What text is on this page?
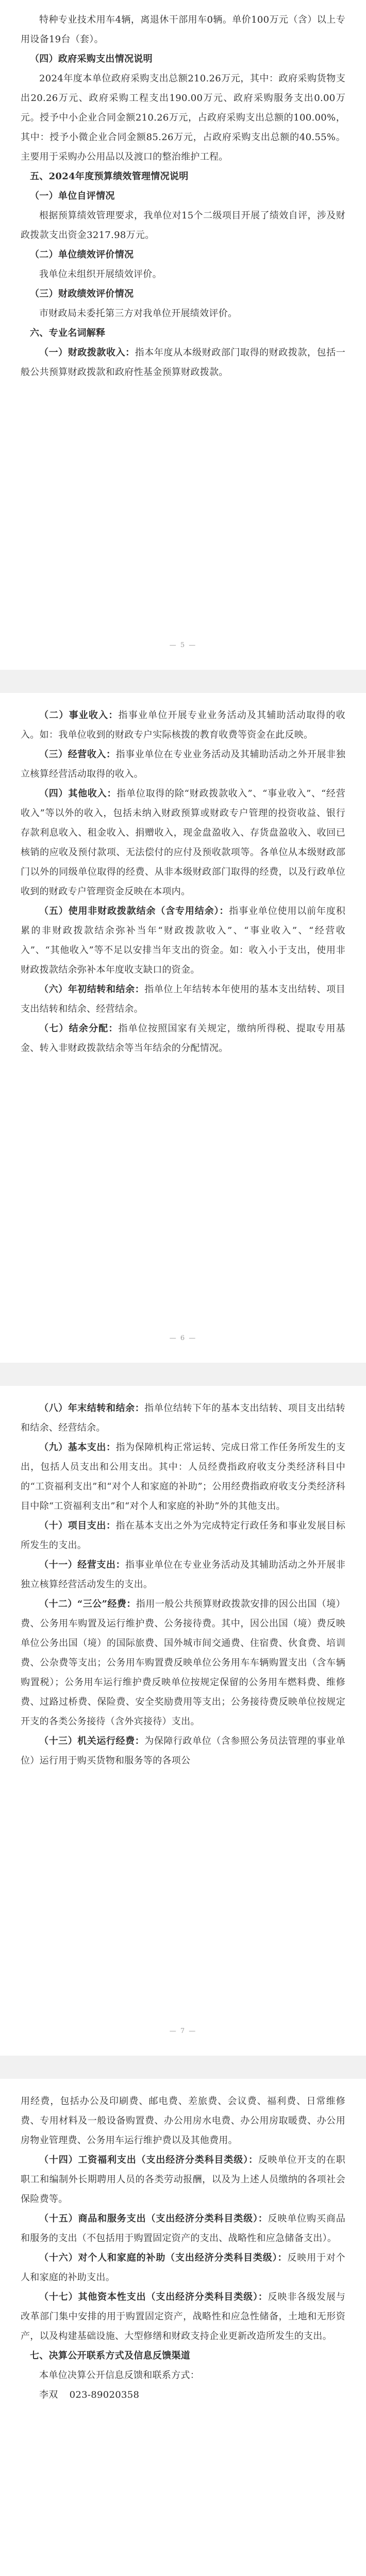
特种专业技术用车4辆，离退休干部用车0辆。单价100万元（含）以上专用设备19台（套）。

（四）政府采购支出情况说明

2024年度本单位政府采购支出总额210.26万元，其中：政府采购货物支出20.26万元、政府采购工程支出190.00万元、政府采购服务支出0.00万元。授予中小企业合同金额210.26万元，占政府采购支出总额的100.00%，其中：授予小微企业合同金额85.26万元，占政府采购支出总额的40.55%。主要用于采购办公用品以及渡口的整治维护工程。

五、2024年度预算绩效管理情况说明

（一）单位自评情况

根据预算绩效管理要求，我单位对15个二级项目开展了绩效自评，涉及财政拨款支出资金3217.98万元。

（二）单位绩效评价情况

我单位未组织开展绩效评价。

（三）财政绩效评价情况

市财政局未委托第三方对我单位开展绩效评价。

六、专业名词解释

（一）财政拨款收入：指本年度从本级财政部门取得的财政拨款，包括一般公共预算财政拨款和政府性基金预算财政拨款。

— 5 —

（二）事业收入：指事业单位开展专业业务活动及其辅助活动取得的收入。如：我单位收到的财政专户实际核拨的教育收费等资金在此反映。

（三）经营收入：指事业单位在专业业务活动及其辅助活动之外开展非独立核算经营活动取得的收入。

（四）其他收入：指单位取得的除“财政拨款收入”、“事业收入”、“经营收入”等以外的收入，包括未纳入财政预算或财政专户管理的投资收益、银行存款利息收入、租金收入、捐赠收入，现金盘盈收入、存货盘盈收入、收回已核销的应收及预付款项、无法偿付的应付及预收款项等。各单位从本级财政部门以外的同级单位取得的经费、从非本级财政部门取得的经费，以及行政单位收到的财政专户管理资金反映在本项内。

（五）使用非财政拨款结余（含专用结余）：指事业单位使用以前年度积累的非财政拨款结余弥补当年“财政拨款收入”、“事业收入”、“经营收入”、“其他收入”等不足以安排当年支出的资金。如：收入小于支出，使用非财政拨款结余弥补本年度收支缺口的资金。

（六）年初结转和结余：指单位上年结转本年使用的基本支出结转、项目支出结转和结余、经营结余。

（七）结余分配：指单位按照国家有关规定，缴纳所得税、提取专用基金、转入非财政拨款结余等当年结余的分配情况。

— 6 —

（八）年末结转和结余：指单位结转下年的基本支出结转、项目支出结转和结余、经营结余。

（九）基本支出：指为保障机构正常运转、完成日常工作任务所发生的支出，包括人员支出和公用支出。其中：人员经费指政府收支分类经济科目中的“工资福利支出”和“对个人和家庭的补助”；公用经费指政府收支分类经济科目中除“工资福利支出”和“对个人和家庭的补助”外的其他支出。

（十）项目支出：指在基本支出之外为完成特定行政任务和事业发展目标所发生的支出。

（十一）经营支出：指事业单位在专业业务活动及其辅助活动之外开展非独立核算经营活动发生的支出。

（十二）“三公”经费：指用一般公共预算财政拨款安排的因公出国（境）费、公务用车购置及运行维护费、公务接待费。其中，因公出国（境）费反映单位公务出国（境）的国际旅费、国外城市间交通费、住宿费、伙食费、培训费、公杂费等支出；公务用车购置费反映单位公务用车车辆购置支出（含车辆购置税）；公务用车运行维护费反映单位按规定保留的公务用车燃料费、维修费、过路过桥费、保险费、安全奖励费用等支出；公务接待费反映单位按规定开支的各类公务接待（含外宾接待）支出。

（十三）机关运行经费：为保障行政单位（含参照公务员法管理的事业单位）运行用于购买货物和服务等的各项公

— 7 —

用经费，包括办公及印刷费、邮电费、差旅费、会议费、福利费、日常维修费、专用材料及一般设备购置费、办公用房水电费、办公用房取暖费、办公用房物业管理费、公务用车运行维护费以及其他费用。

（十四）工资福利支出（支出经济分类科目类级）：反映单位开支的在职职工和编制外长期聘用人员的各类劳动报酬，以及为上述人员缴纳的各项社会保险费等。

（十五）商品和服务支出（支出经济分类科目类级）：反映单位购买商品和服务的支出（不包括用于购置固定资产的支出、战略性和应急储备支出）。

（十六）对个人和家庭的补助（支出经济分类科目类级）：反映用于对个人和家庭的补助支出。

（十七）其他资本性支出（支出经济分类科目类级）：反映非各级发展与改革部门集中安排的用于购置固定资产，战略性和应急性储备，土地和无形资产，以及构建基础设施、大型修缮和财政支持企业更新改造所发生的支出。

七、决算公开联系方式及信息反馈渠道

本单位决算公开信息反馈和联系方式：

李双 023-89020358
